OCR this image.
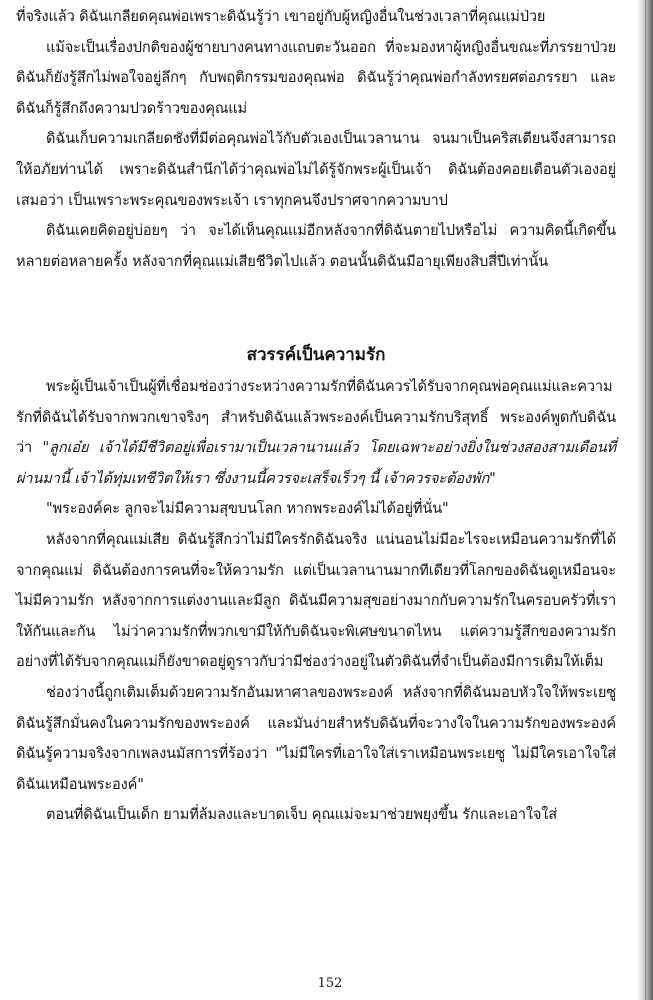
ที่จริงแล้ว ดิฉันเกลียดคุณพ่อเพราะดิฉันรู้ว่า เขาอยู่กับผู้หญิงอื่นในช่วงเวลาที่คุณแม่ป่วย

แม้จะเป็นเรื่องปกติของผู้ชายบางคนทางแถบตะวันออก ที่จะมองหาผู้หญิงอื่นขณะที่ภรรยาป่วย ดิฉันก็ยังรู้สึกไม่พอใจอยู่ลึกๆ กับพฤติกรรมของคุณพ่อ ดิฉันรู้ว่าคุณพ่อกำลังทรยศต่อภรรยา และดิฉันก็รู้สึกถึงความปวดร้าวของคุณแม่

ดิฉันเก็บความเกลียดชังที่มีต่อคุณพ่อไว้กับตัวเองเป็นเวลานาน จนมาเป็นคริสเตียนจึงสามารถให้อภัยท่านได้ เพราะดิฉันสำนึกได้ว่าคุณพ่อไม่ได้รู้จักพระผู้เป็นเจ้า ดิฉันต้องคอยเตือนตัวเองอยู่เสมอว่า เป็นเพราะพระคุณของพระเจ้า เราทุกคนจึงปราศจากความบาป

ดิฉันเคยคิดอยู่บ่อยๆ ว่า จะได้เห็นคุณแม่อีกหลังจากที่ดิฉันตายไปหรือไม่ ความคิดนี้เกิดขึ้นหลายต่อหลายครั้ง หลังจากที่คุณแม่เสียชีวิตไปแล้ว ตอนนั้นดิฉันมีอายุเพียงสิบสี่ปีเท่านั้น

สวรรค์เป็นความรัก

พระผู้เป็นเจ้าเป็นผู้ที่เชื่อมช่องว่างระหว่างความรักที่ดิฉันควรได้รับจากคุณพ่อคุณแม่และความรักที่ดิฉันได้รับจากพวกเขาจริงๆ สำหรับดิฉันแล้วพระองค์เป็นความรักบริสุทธิ์ พระองค์พูดกับดิฉันว่า "ลูกเอ๋ย เจ้าได้มีชีวิตอยู่เพื่อเรามาเป็นเวลานานแล้ว โดยเฉพาะอย่างยิ่งในช่วงสองสามเดือนที่ผ่านมานี้ เจ้าได้ทุ่มเทชีวิตให้เรา ซึ่งงานนี้ควรจะเสร็จเร็วๆ นี้ เจ้าควรจะต้องพัก"

"พระองค์คะ ลูกจะไม่มีความสุขบนโลก หากพระองค์ไม่ได้อยู่ที่นั่น"

หลังจากที่คุณแม่เสีย ดิฉันรู้สึกว่าไม่มีใครรักดิฉันจริง แน่นอนไม่มีอะไรจะเหมือนความรักที่ได้จากคุณแม่ ดิฉันต้องการคนที่จะให้ความรัก แต่เป็นเวลานานมากทีเดียวที่โลกของดิฉันดูเหมือนจะไม่มีความรัก หลังจากการแต่งงานและมีลูก ดิฉันมีความสุขอย่างมากกับความรักในครอบครัวที่เราให้กันและกัน ไม่ว่าความรักที่พวกเขามีให้กับดิฉันจะพิเศษขนาดไหน แต่ความรู้สึกของความรักอย่างที่ได้รับจากคุณแม่ก็ยังขาดอยู่ดูราวกับว่ามีช่องว่างอยู่ในตัวดิฉันที่จำเป็นต้องมีการเติมให้เต็ม

ช่องว่างนี้ถูกเติมเต็มด้วยความรักอันมหาศาลของพระองค์ หลังจากที่ดิฉันมอบหัวใจให้พระเยซู ดิฉันรู้สึกมั่นคงในความรักของพระองค์ และมันง่ายสำหรับดิฉันที่จะวางใจในความรักของพระองค์ ดิฉันรู้ความจริงจากเพลงนมัสการที่ร้องว่า "ไม่มีใครที่เอาใจใส่เราเหมือนพระเยซู ไม่มีใครเอาใจใส่ดิฉันเหมือนพระองค์"

ตอนที่ดิฉันเป็นเด็ก ยามที่ล้มลงและบาดเจ็บ คุณแม่จะมาช่วยพยุงขึ้น รักและเอาใจใส่

152
